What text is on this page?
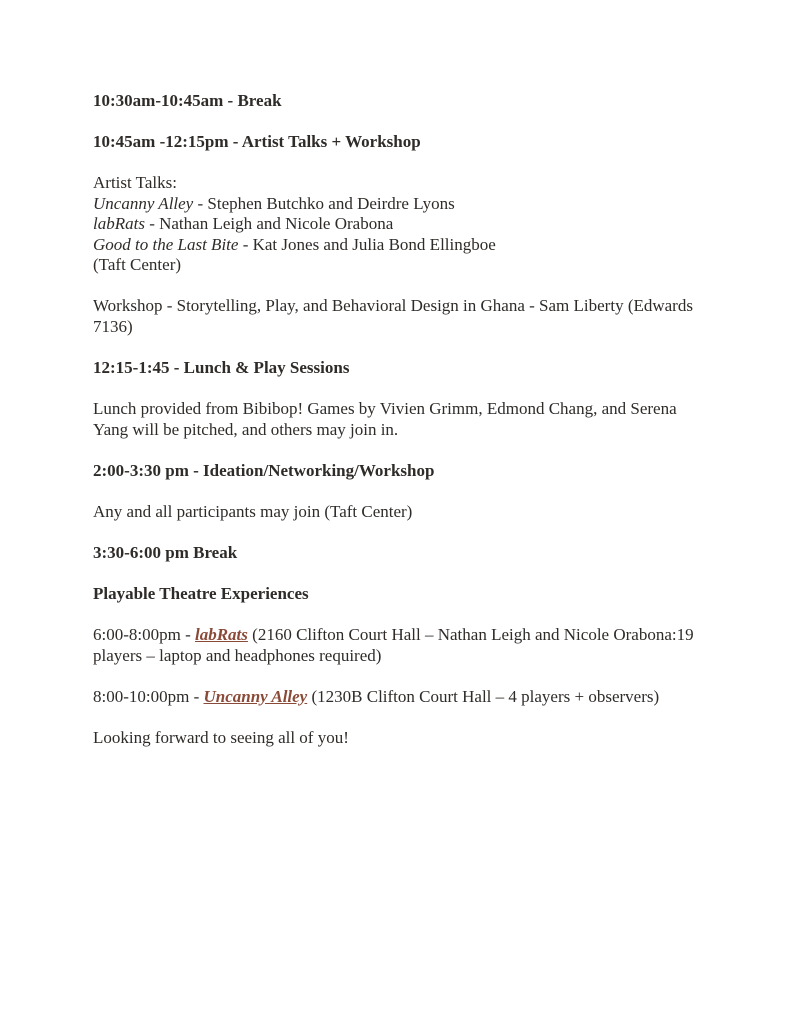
10:30am-10:45am - Break

10:45am -12:15pm - Artist Talks + Workshop

Artist Talks:
Uncanny Alley - Stephen Butchko and Deirdre Lyons
labRats - Nathan Leigh and Nicole Orabona
Good to the Last Bite - Kat Jones and Julia Bond Ellingboe
(Taft Center)

Workshop - Storytelling, Play, and Behavioral Design in Ghana - Sam Liberty (Edwards 7136)

12:15-1:45 - Lunch & Play Sessions

Lunch provided from Bibibop! Games by Vivien Grimm, Edmond Chang, and Serena Yang will be pitched, and others may join in.

2:00-3:30 pm - Ideation/Networking/Workshop

Any and all participants may join (Taft Center)

3:30-6:00 pm Break

Playable Theatre Experiences

6:00-8:00pm - labRats (2160 Clifton Court Hall – Nathan Leigh and Nicole Orabona:19 players – laptop and headphones required)

8:00-10:00pm - Uncanny Alley (1230B Clifton Court Hall – 4 players + observers)

Looking forward to seeing all of you!
